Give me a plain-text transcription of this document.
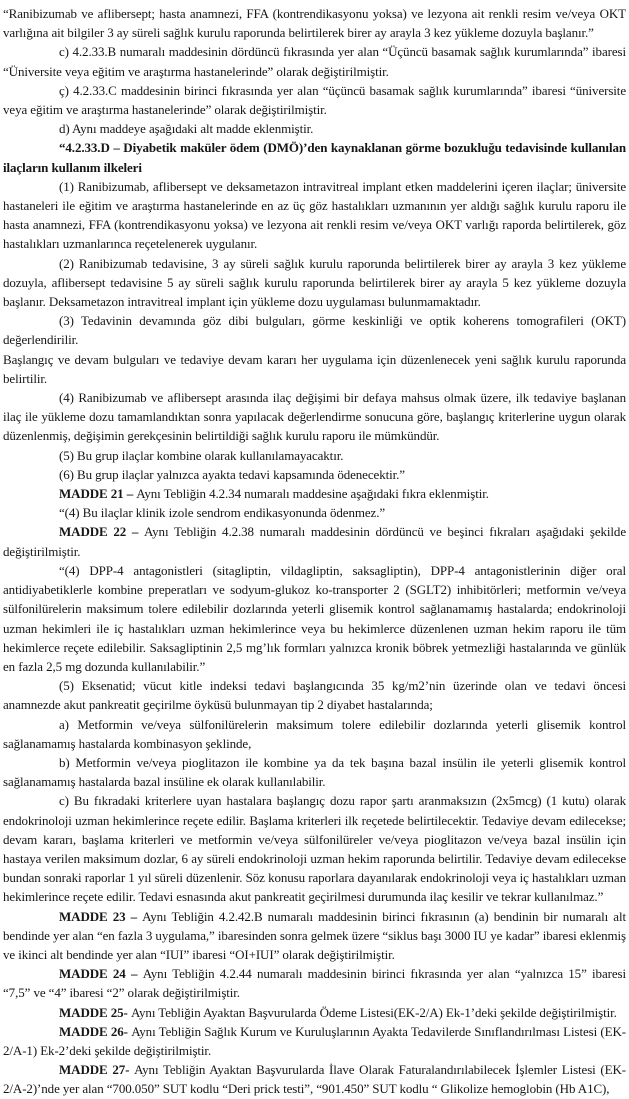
“Ranibizumab ve aflibersept; hasta anamnezi, FFA (kontrendikasyonu yoksa) ve lezyona ait renkli resim ve/veya OKT varlığına ait bilgiler 3 ay süreli sağlık kurulu raporunda belirtilerek birer ay arayla 3 kez yükleme dozuyla başlanır.”

c) 4.2.33.B numaralı maddesinin dördüncü fıkrasında yer alan “Üçüncü basamak sağlık kurumlarında” ibaresi “Üniversite veya eğitim ve araştırma hastanelerinde” olarak değiştirilmiştir.

ç) 4.2.33.C maddesinin birinci fıkrasında yer alan “üçüncü basamak sağlık kurumlarında” ibaresi “üniversite veya eğitim ve araştırma hastanelerinde” olarak değiştirilmiştir.

d) Aynı maddeye aşağıdaki alt madde eklenmiştir.

“4.2.33.D – Diyabetik maküler ödem (DMÖ)’den kaynaklanan görme bozukluğu tedavisinde kullanılan ilaçların kullanım ilkeleri

(1) Ranibizumab, aflibersept ve deksametazon intravitreal implant etken maddelerini içeren ilaçlar; üniversite hastaneleri ile eğitim ve araştırma hastanelerinde en az üç göz hastalıkları uzmanının yer aldığı sağlık kurulu raporu ile hasta anamnezi, FFA (kontrendikasyonu yoksa) ve lezyona ait renkli resim ve/veya OKT varlığı raporda belirtilerek, göz hastalıkları uzmanlarınca reçetelenerek uygulanır.

(2) Ranibizumab tedavisine, 3 ay süreli sağlık kurulu raporunda belirtilerek birer ay arayla 3 kez yükleme dozuyla, aflibersept tedavisine 5 ay süreli sağlık kurulu raporunda belirtilerek birer ay arayla 5 kez yükleme dozuyla başlanır. Deksametazon intravitreal implant için yükleme dozu uygulaması bulunmamaktadır.

(3) Tedavinin devamında göz dibi bulguları, görme keskinliği ve optik koherens tomografileri (OKT) değerlendirilir.

Başlangıç ve devam bulguları ve tedaviye devam kararı her uygulama için düzenlenecek yeni sağlık kurulu raporunda belirtilir.

(4) Ranibizumab ve aflibersept arasında ilaç değişimi bir defaya mahsus olmak üzere, ilk tedaviye başlanan ilaç ile yükleme dozu tamamlandıktan sonra yapılacak değerlendirme sonucuna göre, başlangıç kriterlerine uygun olarak düzenlenmiş, değişimin gerekçesinin belirtildiği sağlık kurulu raporu ile mümkündür.

(5) Bu grup ilaçlar kombine olarak kullanılamayacaktır.

(6) Bu grup ilaçlar yalnızca ayakta tedavi kapsamında ödenecektir.”

MADDE 21 – Aynı Tebliğin 4.2.34 numaralı maddesine aşağıdaki fıkra eklenmiştir.

“(4) Bu ilaçlar klinik izole sendrom endikasyonunda ödenmez.”

MADDE 22 – Aynı Tebliğin 4.2.38 numaralı maddesinin dördüncü ve beşinci fıkraları aşağıdaki şekilde değiştirilmiştir.

“(4) DPP-4 antagonistleri (sitagliptin, vildagliptin, saksagliptin), DPP-4 antagonistlerinin diğer oral antidiyabetiklerle kombine preperatları ve sodyum-glukoz ko-transporter 2 (SGLT2) inhibitörleri; metformin ve/veya sülfonilürelerin maksimum tolere edilebilir dozlarında yeterli glisemik kontrol sağlanamamış hastalarda; endokrinoloji uzman hekimleri ile iç hastalıkları uzman hekimlerince veya bu hekimlerce düzenlenen uzman hekim raporu ile tüm hekimlerce reçete edilebilir. Saksagliptinin 2,5 mg’lık formları yalnızca kronik böbrek yetmezliği hastalarında ve günlük en fazla 2,5 mg dozunda kullanılabilir.”

(5) Eksenatid; vücut kitle indeksi tedavi başlangıcında 35 kg/m2’nin üzerinde olan ve tedavi öncesi anamnezde akut pankreatit geçirilme öyküsü bulunmayan tip 2 diyabet hastalarında;

a) Metformin ve/veya sülfonilürelerin maksimum tolere edilebilir dozlarında yeterli glisemik kontrol sağlanamamış hastalarda kombinasyon şeklinde,

b) Metformin ve/veya pioglitazon ile kombine ya da tek başına bazal insülin ile yeterli glisemik kontrol sağlanamamış hastalarda bazal insüline ek olarak kullanılabilir.

c) Bu fıkradaki kriterlere uyan hastalara başlangıç dozu rapor şartı aranmaksızın (2x5mcg) (1 kutu) olarak endokrinoloji uzman hekimlerince reçete edilir. Başlama kriterleri ilk reçetede belirtilecektir. Tedaviye devam edilecekse; devam kararı, başlama kriterleri ve metformin ve/veya sülfonilüreler ve/veya pioglitazon ve/veya bazal insülin için hastaya verilen maksimum dozlar, 6 ay süreli endokrinoloji uzman hekim raporunda belirtilir. Tedaviye devam edilecekse bundan sonraki raporlar 1 yıl süreli düzenlenir. Söz konusu raporlara dayanılarak endokrinoloji veya iç hastalıkları uzman hekimlerince reçete edilir. Tedavi esnasında akut pankreatit geçirilmesi durumunda ilaç kesilir ve tekrar kullanılmaz.”

MADDE 23 – Aynı Tebliğin 4.2.42.B numaralı maddesinin birinci fıkrasının (a) bendinin bir numaralı alt bendinde yer alan “en fazla 3 uygulama,” ibaresinden sonra gelmek üzere “siklus başı 3000 IU ye kadar” ibaresi eklenmiş ve ikinci alt bendinde yer alan “IUI” ibaresi “OI+IUI” olarak değiştirilmiştir.

MADDE 24 – Aynı Tebliğin 4.2.44 numaralı maddesinin birinci fıkrasında yer alan “yalnızca 15” ibaresi “7,5” ve “4” ibaresi “2” olarak değiştirilmiştir.

MADDE 25- Aynı Tebliğin Ayaktan Başvurularda Ödeme Listesi(EK-2/A) Ek-1’deki şekilde değiştirilmiştir.

MADDE 26- Aynı Tebliğin Sağlık Kurum ve Kuruluşlarının Ayakta Tedavilerde Sınıflandırılması Listesi (EK-2/A-1) Ek-2’deki şekilde değiştirilmiştir.

MADDE 27- Aynı Tebliğin Ayaktan Başvurularda İlave Olarak Faturalandırılabilecek İşlemler Listesi (EK-2/A-2)’nde yer alan “700.050” SUT kodlu “Deri prick testi”, “901.450” SUT kodlu “ Glikolize hemoglobin (Hb A1C),
